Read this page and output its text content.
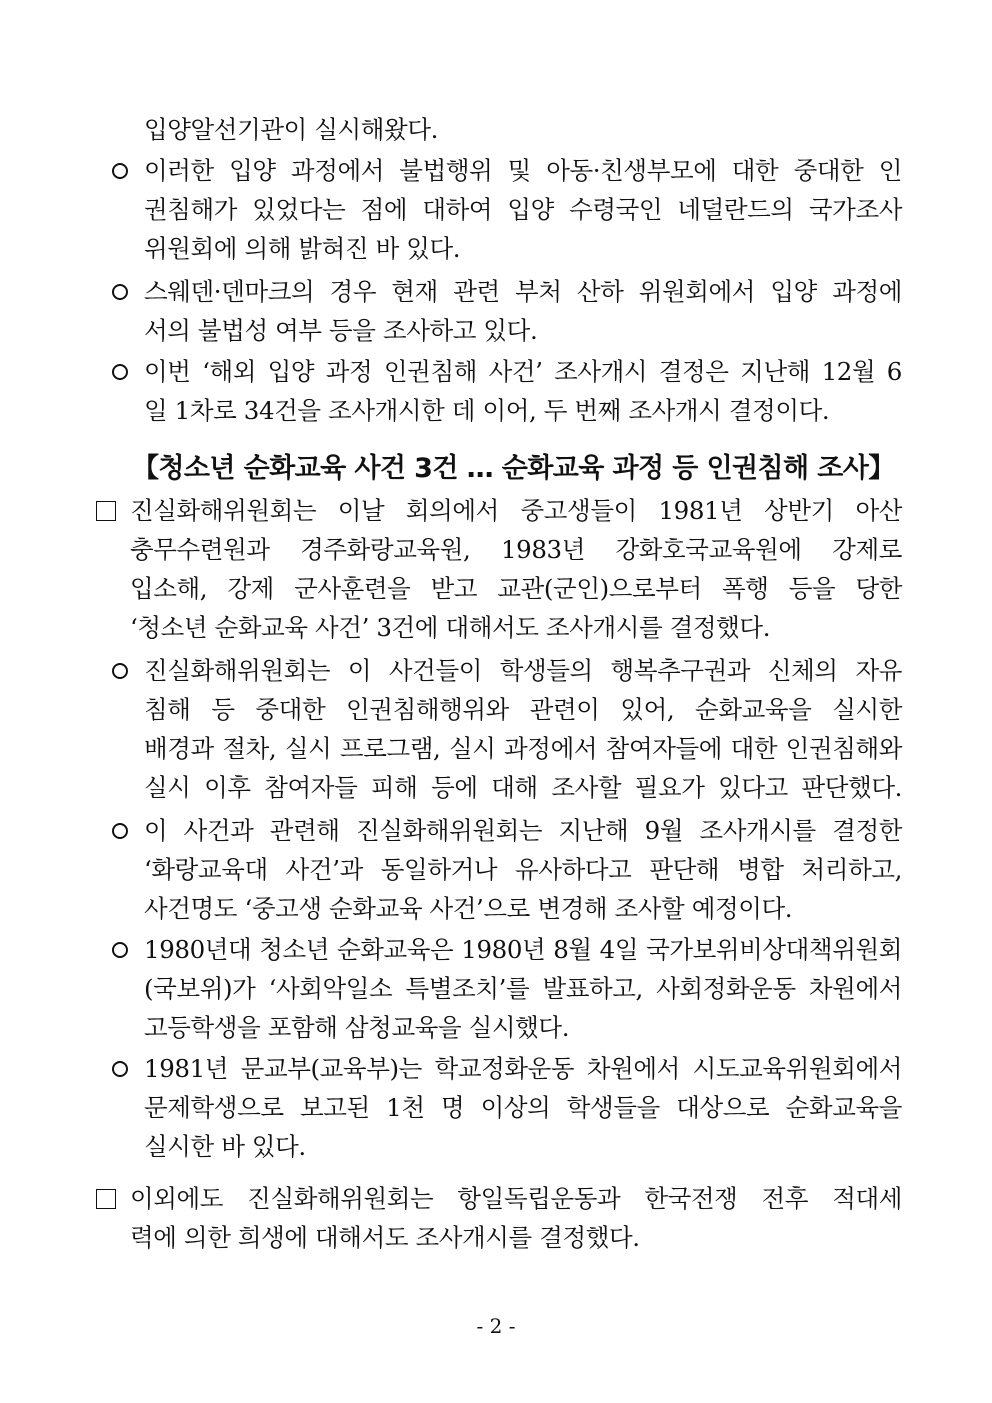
입양알선기관이 실시해왔다.
이러한 입양 과정에서 불법행위 및 아동·친생부모에 대한 중대한 인
권침해가 있었다는 점에 대하여 입양 수령국인 네덜란드의 국가조사
위원회에 의해 밝혀진 바 있다.
스웨덴·덴마크의 경우 현재 관련 부처 산하 위원회에서 입양 과정에
서의 불법성 여부 등을 조사하고 있다.
이번 ‘해외 입양 과정 인권침해 사건’ 조사개시 결정은 지난해 12월 6
일 1차로 34건을 조사개시한 데 이어, 두 번째 조사개시 결정이다.
【청소년 순화교육 사건 3건 … 순화교육 과정 등 인권침해 조사】
진실화해위원회는 이날 회의에서 중고생들이 1981년 상반기 아산
충무수련원과 경주화랑교육원, 1983년 강화호국교육원에 강제로
입소해, 강제 군사훈련을 받고 교관(군인)으로부터 폭행 등을 당한
‘청소년 순화교육 사건’ 3건에 대해서도 조사개시를 결정했다.
진실화해위원회는 이 사건들이 학생들의 행복추구권과 신체의 자유
침해 등 중대한 인권침해행위와 관련이 있어, 순화교육을 실시한
배경과 절차, 실시 프로그램, 실시 과정에서 참여자들에 대한 인권침해와
실시 이후 참여자들 피해 등에 대해 조사할 필요가 있다고 판단했다.
이 사건과 관련해 진실화해위원회는 지난해 9월 조사개시를 결정한
‘화랑교육대 사건’과 동일하거나 유사하다고 판단해 병합 처리하고,
사건명도 ‘중고생 순화교육 사건’으로 변경해 조사할 예정이다.
1980년대 청소년 순화교육은 1980년 8월 4일 국가보위비상대책위원회
(국보위)가 ‘사회악일소 특별조치’를 발표하고, 사회정화운동 차원에서
고등학생을 포함해 삼청교육을 실시했다.
1981년 문교부(교육부)는 학교정화운동 차원에서 시도교육위원회에서
문제학생으로 보고된 1천 명 이상의 학생들을 대상으로 순화교육을
실시한 바 있다.
이외에도 진실화해위원회는 항일독립운동과 한국전쟁 전후 적대세
력에 의한 희생에 대해서도 조사개시를 결정했다.
- 2 -
